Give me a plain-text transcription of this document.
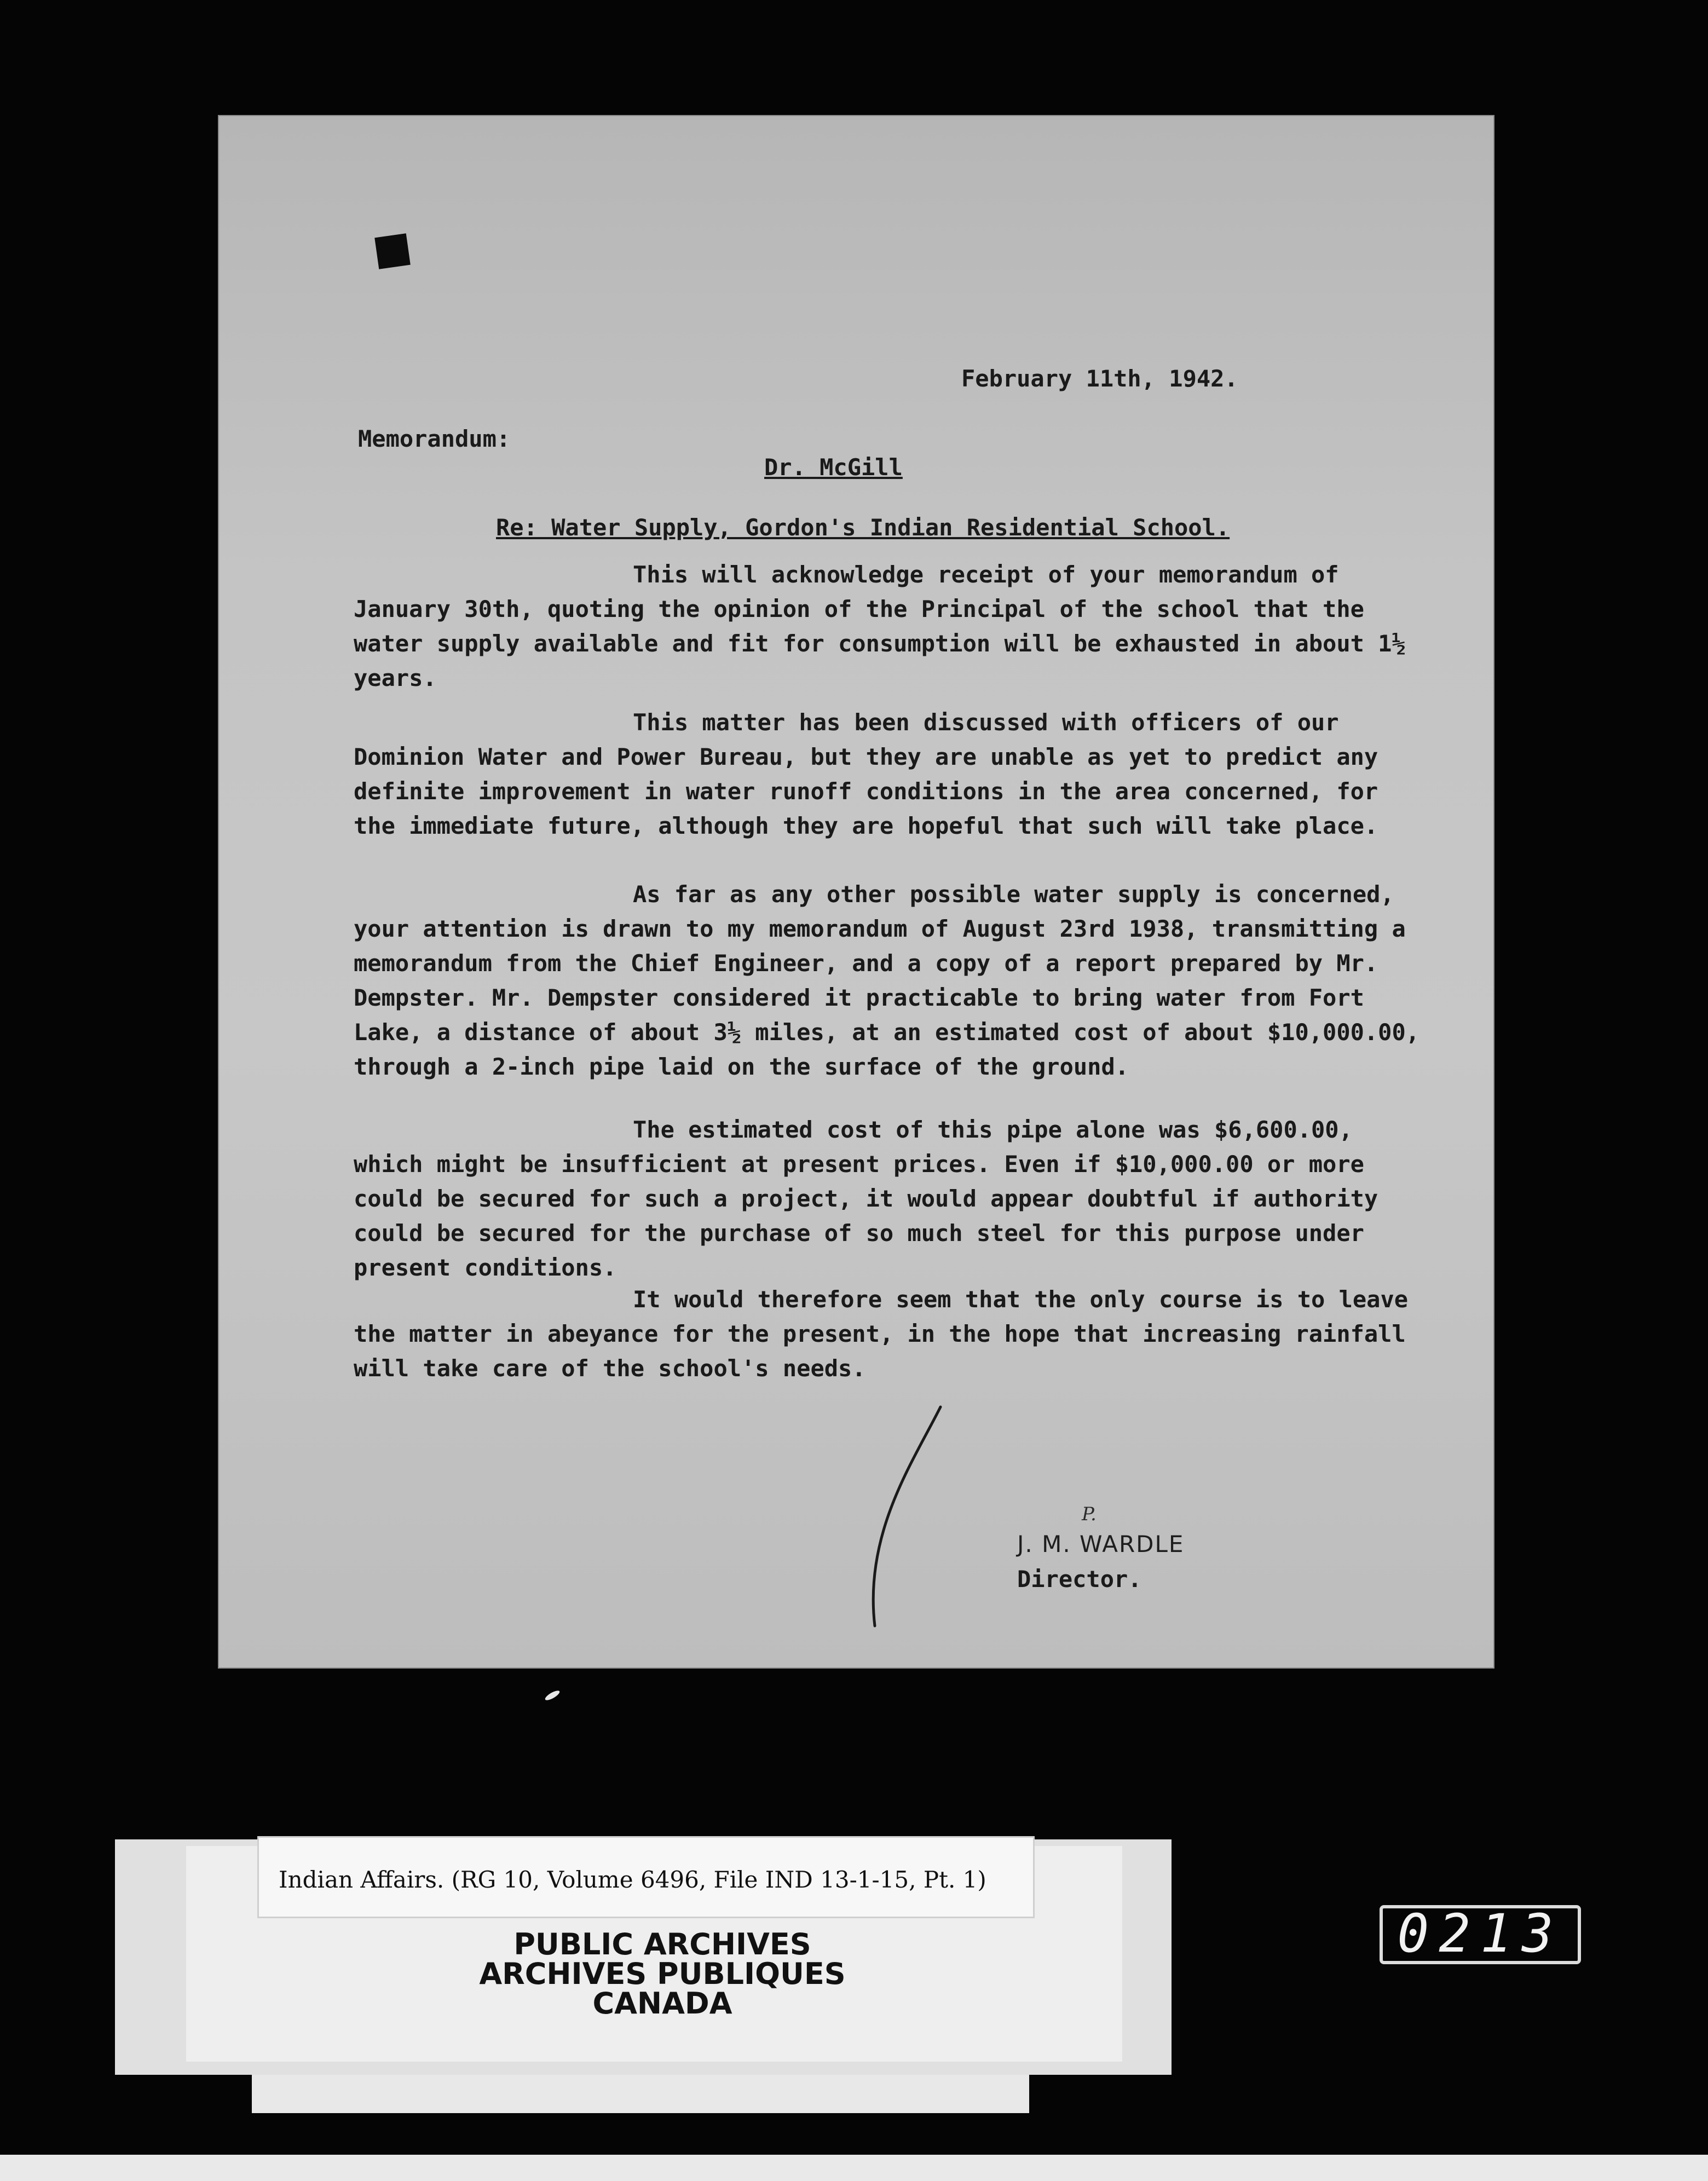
February 11th, 1942.
Memorandum:
Dr. McGill
Re: Water Supply, Gordon's Indian Residential School.

This will acknowledge receipt of your memorandum of January 30th, quoting the opinion of the Principal of the school that the water supply available and fit for consumption will be exhausted in about 1½ years.

This matter has been discussed with officers of our Dominion Water and Power Bureau, but they are unable as yet to predict any definite improvement in water runoff conditions in the area concerned, for the immediate future, although they are hopeful that such will take place.

As far as any other possible water supply is concerned, your attention is drawn to my memorandum of August 23rd 1938, transmitting a memorandum from the Chief Engineer, and a copy of a report prepared by Mr. Dempster. Mr. Dempster considered it practicable to bring water from Fort Lake, a distance of about 3½ miles, at an estimated cost of about $10,000.00, through a 2-inch pipe laid on the surface of the ground.

The estimated cost of this pipe alone was $6,600.00, which might be insufficient at present prices. Even if $10,000.00 or more could be secured for such a project, it would appear doubtful if authority could be secured for the purchase of so much steel for this purpose under present conditions.

It would therefore seem that the only course is to leave the matter in abeyance for the present, in the hope that increasing rainfall will take care of the school's needs.

P.
J. M. WARDLE
Director.
Indian Affairs. (RG 10, Volume 6496, File IND 13-1-15, Pt. 1)
PUBLIC ARCHIVES
ARCHIVES PUBLIQUES
CANADA
0213
